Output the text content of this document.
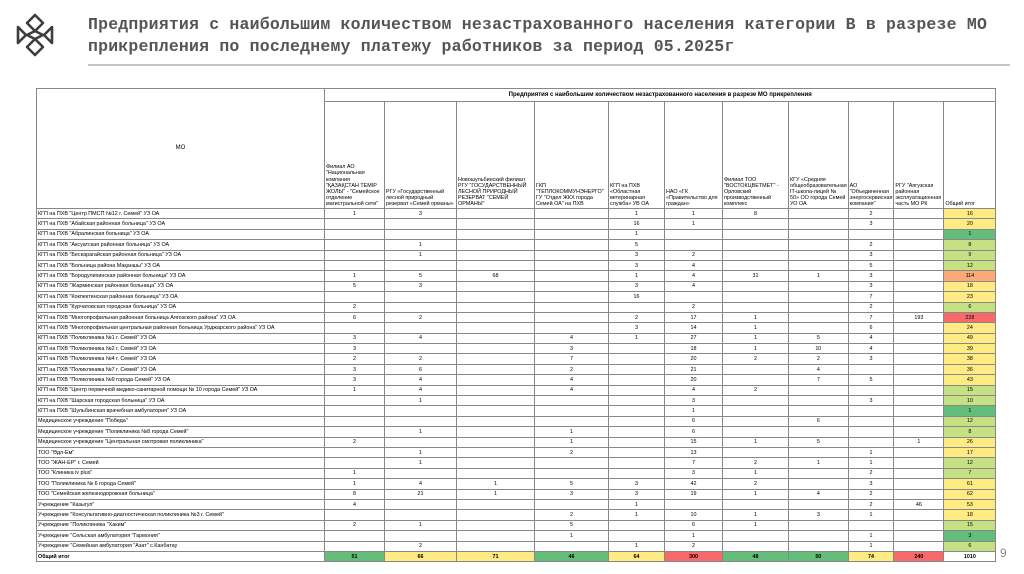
Предприятия с наибольшим количеством незастрахованного населения категории В в разрезе МО прикрепления по последнему платежу работников за период 05.2025г
МО	Предприятия с наибольшим количеством незастрахованного населения в разрезе МО прикрепления										
	Филиал АО "Национальная компания "ҚАЗАҚСТАН ТЕМІР ЖОЛЫ" - "Семейское отделение магистральной сети"	РГУ «Государственный лесной природный резерват «Семей орманы»	Новошульбинский филиал РГУ "ГОСУДАРСТВЕННЫЙ ЛЕСНОЙ ПРИРОДНЫЙ РЕЗЕРВАТ "СЕМЕЙ ОРМАНЫ"	ГКП "ТЕПЛОКОММУНЭНЕРГО" ГУ "Отдел ЖКХ города Семей ОА" на ПХВ	КГП на ПХВ «Областная ветеринарная служба» УВ ОА	НАО «ГК «Правительство для граждан»	Филиал ТОО "ВОСТОКЦВЕТМЕТ" - Орловский производственный комплекс	КГУ «Средняя общеобразовательная IT-школа-лицей № 50» ОО города Семей УО ОА	АО "Объединенная энергосервисная компания"	РГУ "Аягузская районная эксплуатационная часть МО РК	Общий итог
КГП на ПХВ "Центр ПМСП №12 г. Семей" УЗ ОА	1	3			1	1	8		2		16
КГП на ПХВ "Абайская районная больница" УЗ ОА					16	1			3		20
КГП на ПХВ "Абралинская больница" УЗ ОА					1						1
КГП на ПХВ "Аксуатская районная больница" УЗ ОА		1			5				2		8
КГП на ПХВ "Бескарагайская районная больница" УЗ ОА		1			3	2			3		9
КГП на ПХВ "Больница района Мақаншы" УЗ ОА					3	4			5		12
КГП на ПХВ "Бородулихинская районная больница" УЗ ОА	1	5	68		1	4	31	1	3		114
КГП на ПХВ "Жарминская районная больница" УЗ ОА	5	3			3	4			3		18
КГП на ПХВ "Кокпектинская районная больница" УЗ ОА					16				7		23
КГП на ПХВ "Курчатовская городская больница" УЗ ОА	2					2			2		6
КГП на ПХВ "Многопрофильная районная больница Аягозского района" УЗ ОА	6	2			2	17	1		7	193	228
КГП на ПХВ "Многопрофильная центральная районная больница Урджарского района" УЗ ОА					3	14	1		6		24
КГП на ПХВ "Поликлиника №1 г. Семей" УЗ ОА	3	4		4	1	27	1	5	4		49
КГП на ПХВ "Поликлиника №2 г. Семей" УЗ ОА	3			3		18	1	10	4		39
КГП на ПХВ "Поликлиника №4 г. Семей" УЗ ОА	2	2		7		20	2	2	3		38
КГП на ПХВ "Поликлиника №7 г. Семей" УЗ ОА	3	6		2		21		4			36
КГП на ПХВ "Поликлиника №9 города Семей" УЗ ОА	3	4		4		20		7	5		43
КГП на ПХВ "Центр первичной медико-санитарной помощи № 10 города Семей" УЗ ОА	1	4		4		4	2				15
КГП на ПХВ "Шарская городская больница" УЗ ОА		1				3			3		10
КГП на ПХВ "Шульбинская врачебная амбулатория" УЗ ОА						1					1
Медицинское учреждение "Победа"						6		6			12
Медицинское учреждение "Поликлиника №8 города Семей"		1		1		6					8
Медицинское учреждение "Центральная смотровая поликлиника"	2			1		15	1	5		1	26
ТОО "Әдл-Ем"		1		2		13			1		17
ТОО "ЖАН-ЕР" г. Семей		1				7	2	1	1		12
ТОО "Клиника iv plus"	1					3	1		2		7
ТОО "Поликлиника № 6 города Семей"	1	4	1	5	3	42	2		3		61
ТОО "Семейская железнодорожная больница"	8	21	1	3	3	19	1	4	2		62
Учреждение "Казыгул"	4				1				2	46	53
Учреждение "Консультативно-диагностическая поликлиника №3 г. Семей"				2	1	10	1	3	1		18
Учреждение "Поликлиника "Хаким"	2	1		5		6	1				15
Учреждение "Сельская амбулатория "Гармония"				1		1			1		3
Учреждение "Семейная амбулатория "Азат" с.Канбатау		2			1	2			1		6
Общий итог	51	66	71	46	64	300	48	50	74	240	1010 9
